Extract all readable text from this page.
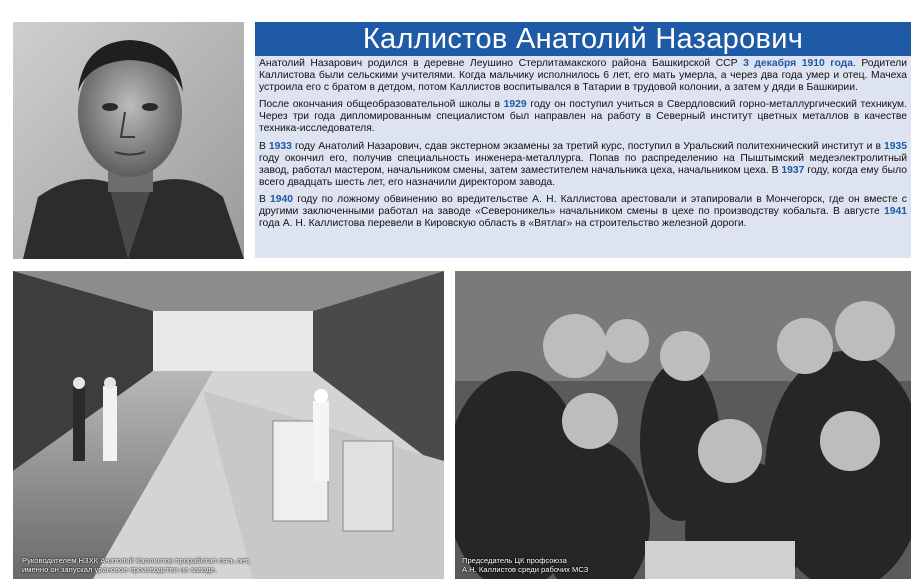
Каллистов Анатолий Назарович

Анатолий Назарович родился в деревне Леушино Стерлитамакского района Башкирской ССР 3 декабря 1910 года. Родители Каллистова были сельскими учителями. Когда мальчику исполнилось 6 лет, его мать умерла, а через два года умер и отец. Мачеха устроила его с братом в детдом, потом Каллистов воспитывался в Татарии в трудовой колонии, а затем у дяди в Башкирии.

После окончания общеобразовательной школы в 1929 году он поступил учиться в Свердловский горно-металлургический техникум. Через три года дипломированным специалистом был направлен на работу в Северный институт цветных металлов в качестве техника-исследователя.

В 1933 году Анатолий Назарович, сдав экстерном экзамены за третий курс, поступил в Уральский политехнический институт и в 1935 году окончил его, получив специальность инженера-металлурга. Попав по распределению на Пыштымский медеэлектролитный завод, работал мастером, начальником смены, затем заместителем начальника цеха, начальником цеха. В 1937 году, когда ему было всего двадцать шесть лет, его назначили директором завода.

В 1940 году по ложному обвинению во вредительстве А. Н. Каллистова арестовали и этапировали в Мончегорск, где он вместе с другими заключенными работал на заводе «Североникель» начальником смены в цехе по производству кобальта. В августе 1941 года А. Н. Каллистова перевели в Кировскую область в «Вятлаг» на строительство железной дороги.

Руководителем НЗХК Анатолий Каллистов проработал пять лет,
именно он запускал урановое производство на заводе.
Председатель ЦК профсоюза
А.Н. Каллистов среди рабочих МСЗ
